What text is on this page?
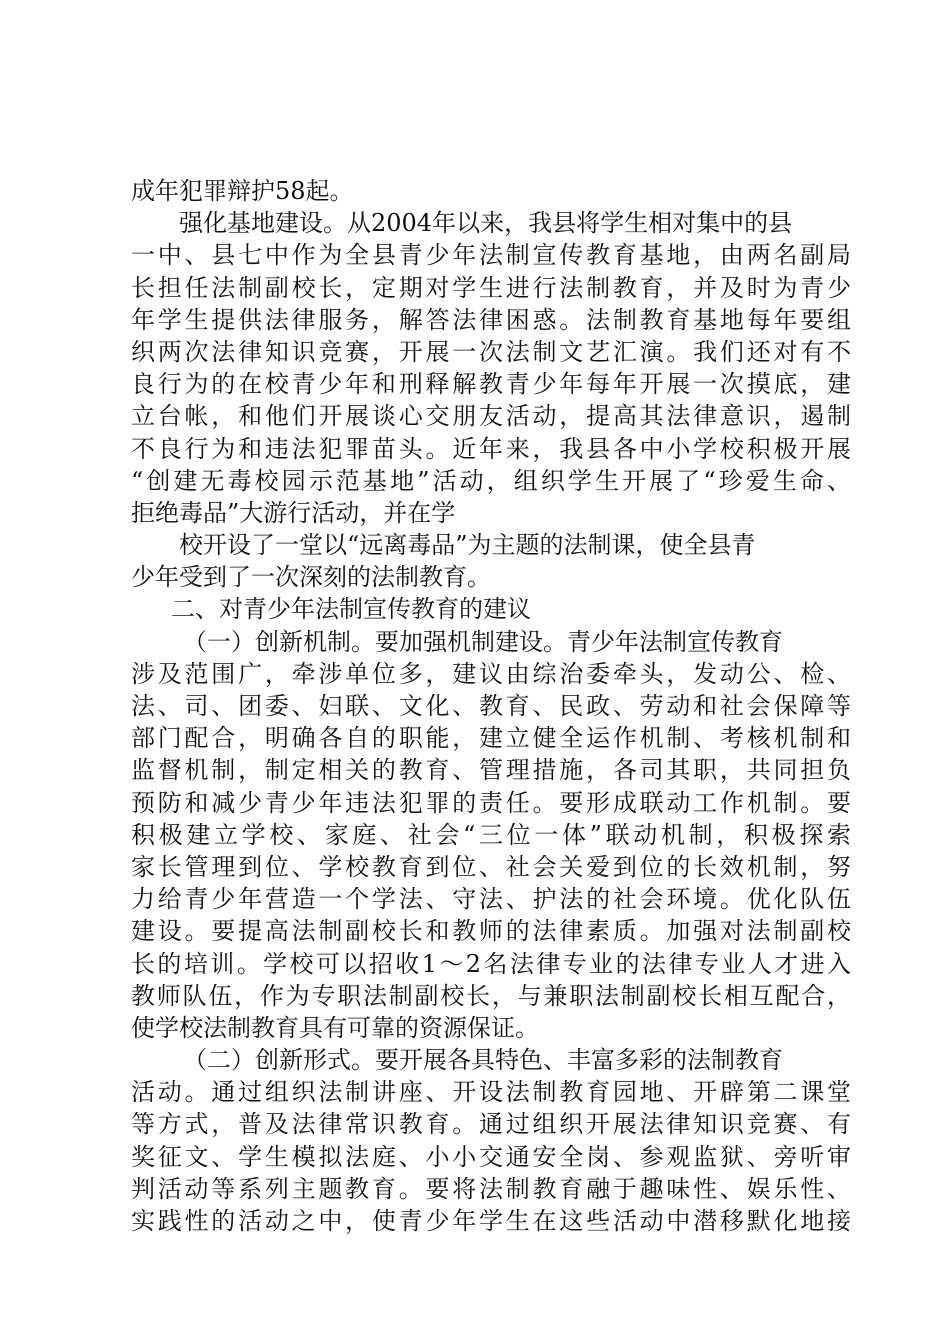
成年犯罪辩护58起。
强化基地建设。从2004年以来，我县将学生相对集中的县
一中、县七中作为全县青少年法制宣传教育基地，由两名副局
长担任法制副校长，定期对学生进行法制教育，并及时为青少
年学生提供法律服务，解答法律困惑。法制教育基地每年要组
织两次法律知识竞赛，开展一次法制文艺汇演。我们还对有不
良行为的在校青少年和刑释解教青少年每年开展一次摸底，建
立台帐，和他们开展谈心交朋友活动，提高其法律意识，遏制
不良行为和违法犯罪苗头。近年来，我县各中小学校积极开展
“创建无毒校园示范基地”活动，组织学生开展了“珍爱生命、
拒绝毒品”大游行活动，并在学
校开设了一堂以“远离毒品”为主题的法制课，使全县青
少年受到了一次深刻的法制教育。
二、对青少年法制宣传教育的建议
（一）创新机制。要加强机制建设。青少年法制宣传教育
涉及范围广，牵涉单位多，建议由综治委牵头，发动公、检、
法、司、团委、妇联、文化、教育、民政、劳动和社会保障等
部门配合，明确各自的职能，建立健全运作机制、考核机制和
监督机制，制定相关的教育、管理措施，各司其职，共同担负
预防和减少青少年违法犯罪的责任。要形成联动工作机制。要
积极建立学校、家庭、社会“三位一体”联动机制，积极探索
家长管理到位、学校教育到位、社会关爱到位的长效机制，努
力给青少年营造一个学法、守法、护法的社会环境。优化队伍
建设。要提高法制副校长和教师的法律素质。加强对法制副校
长的培训。学校可以招收1～2名法律专业的法律专业人才进入
教师队伍，作为专职法制副校长，与兼职法制副校长相互配合，
使学校法制教育具有可靠的资源保证。
（二）创新形式。要开展各具特色、丰富多彩的法制教育
活动。通过组织法制讲座、开设法制教育园地、开辟第二课堂
等方式，普及法律常识教育。通过组织开展法律知识竞赛、有
奖征文、学生模拟法庭、小小交通安全岗、参观监狱、旁听审
判活动等系列主题教育。要将法制教育融于趣味性、娱乐性、
实践性的活动之中，使青少年学生在这些活动中潜移默化地接
